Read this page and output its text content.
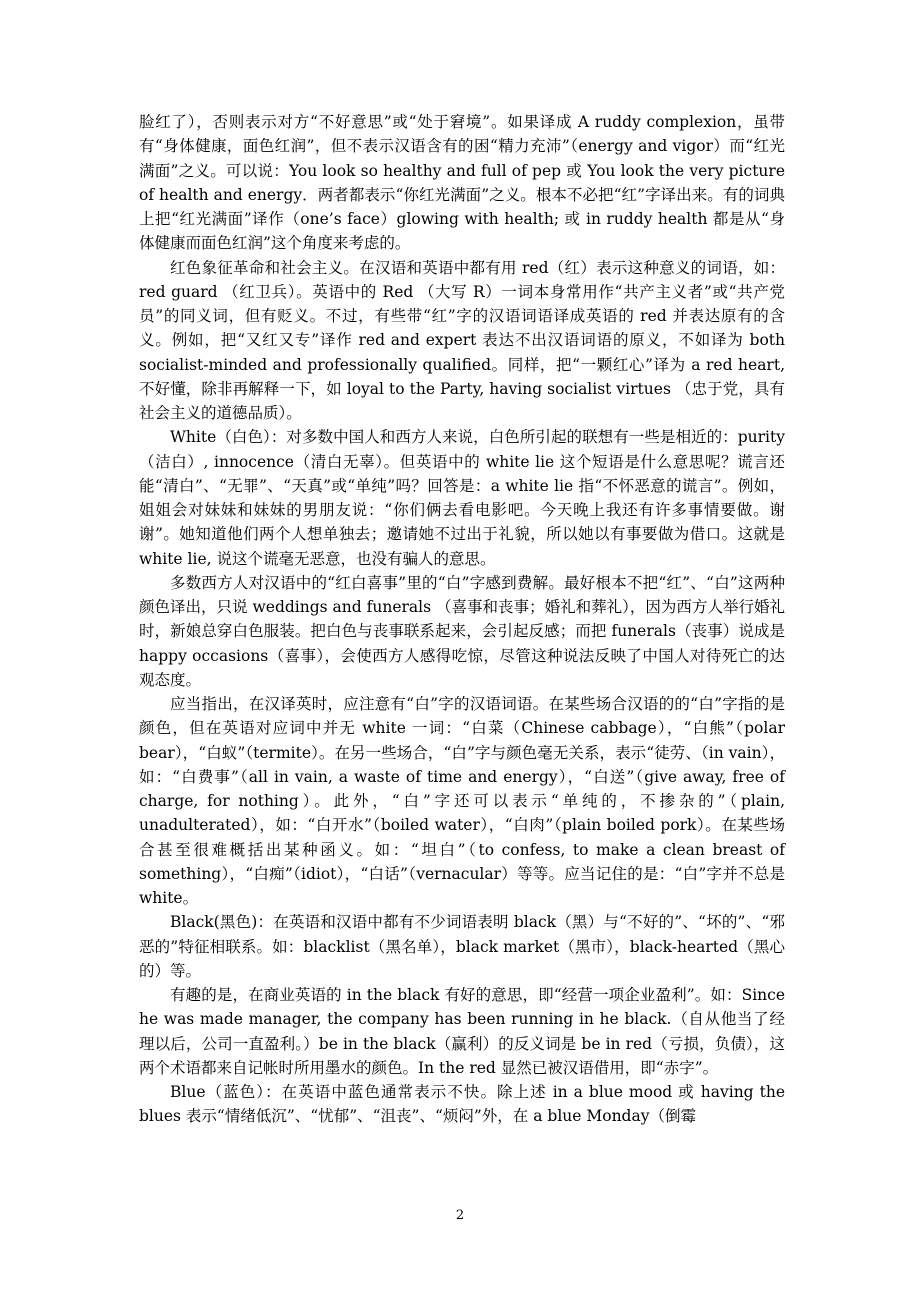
脸红了），否则表示对方“不好意思”或“处于窘境”。如果译成 A ruddy complexion，虽带有“身体健康，面色红润”，但不表示汉语含有的困“精力充沛”（energy and vigor）而“红光满面”之义。可以说：You look so healthy and full of pep 或 You look the very picture of health and energy．两者都表示“你红光满面”之义。根本不必把“红”字译出来。有的词典上把“红光满面”译作（one’s face）glowing with health; 或 in ruddy health 都是从“身体健康而面色红润”这个角度来考虑的。

红色象征革命和社会主义。在汉语和英语中都有用 red（红）表示这种意义的词语，如：red guard （红卫兵）。英语中的 Red （大写 R）一词本身常用作“共产主义者”或“共产党员”的同义词，但有贬义。不过，有些带“红”字的汉语词语译成英语的 red 并表达原有的含义。例如，把“又红又专”译作 red and expert 表达不出汉语词语的原义，不如译为 both socialist-minded and professionally qualified。同样，把“一颗红心”译为 a red heart, 不好懂，除非再解释一下，如 loyal to the Party, having socialist virtues （忠于党，具有社会主义的道德品质）。

White（白色）：对多数中国人和西方人来说，白色所引起的联想有一些是相近的：purity（洁白）, innocence（清白无辜）。但英语中的 white lie 这个短语是什么意思呢？谎言还能“清白”、“无罪”、“天真”或“单纯”吗？回答是：a white lie 指“不怀恶意的谎言”。例如，姐姐会对妹妹和妹妹的男朋友说：“你们俩去看电影吧。今天晚上我还有许多事情要做。谢谢”。她知道他们两个人想单独去；邀请她不过出于礼貌，所以她以有事要做为借口。这就是 white lie, 说这个谎毫无恶意，也没有骗人的意思。

多数西方人对汉语中的“红白喜事”里的“白”字感到费解。最好根本不把“红”、“白”这两种颜色译出，只说 weddings and funerals （喜事和丧事；婚礼和葬礼），因为西方人举行婚礼时，新娘总穿白色服装。把白色与丧事联系起来，会引起反感；而把 funerals（丧事）说成是 happy occasions（喜事），会使西方人感得吃惊，尽管这种说法反映了中国人对待死亡的达观态度。

应当指出，在汉译英时，应注意有“白”字的汉语词语。在某些场合汉语的的“白”字指的是颜色，但在英语对应词中并无 white 一词：“白菜（Chinese cabbage），“白熊”（polar bear），“白蚁”（termite）。在另一些场合，“白”字与颜色毫无关系，表示“徒劳、（in vain），如：“白费事”（all in vain, a waste of time and energy），“白送”（give away, free of charge, for nothing）。此外，“白”字还可以表示“单纯的，不掺杂的”（plain, unadulterated），如：“白开水”（boiled water），“白肉”（plain boiled pork）。在某些场合甚至很难概括出某种函义。如：“坦白”（to confess, to make a clean breast of something），“白痴”（idiot），“白话”（vernacular）等等。应当记住的是：“白”字并不总是 white。

Black(黑色)：在英语和汉语中都有不少词语表明 black（黑）与“不好的”、“坏的”、“邪恶的”特征相联系。如：blacklist（黑名单），black market（黑市），black-hearted（黑心的）等。

有趣的是，在商业英语的 in the black 有好的意思，即“经营一项企业盈利”。如：Since he was made manager, the company has been running in he black.（自从他当了经理以后，公司一直盈利。）be in the black（赢利）的反义词是 be in red（亏损，负债），这两个术语都来自记帐时所用墨水的颜色。In the red 显然已被汉语借用，即“赤字”。

Blue（蓝色）：在英语中蓝色通常表示不快。除上述 in a blue mood 或 having the blues 表示“情绪低沉”、“忧郁”、“沮丧”、“烦闷”外，在 a blue Monday（倒霉

2
